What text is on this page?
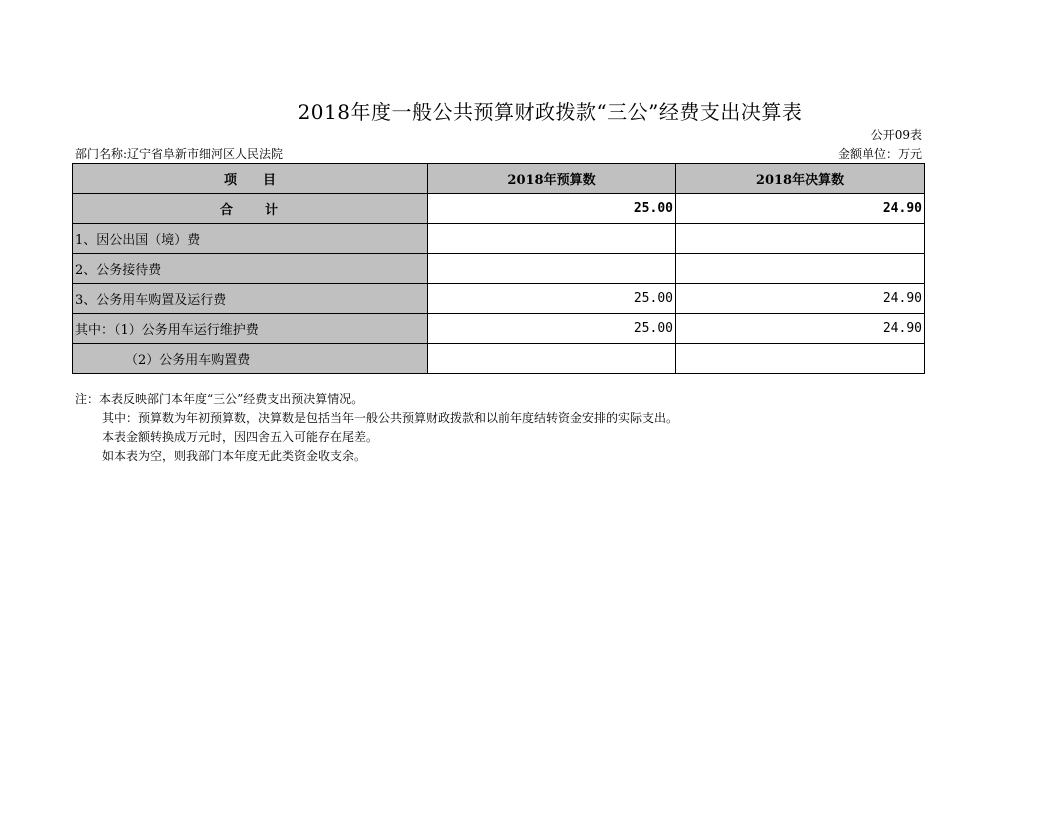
2018年度一般公共预算财政拨款“三公”经费支出决算表
公开09表
部门名称:辽宁省阜新市细河区人民法院	金额单位：万元
项　　目	2018年预算数	2018年决算数
合　　计	25.00	24.90
1、因公出国（境）费		
2、公务接待费		
3、公务用车购置及运行费	25.00	24.90
其中：（1）公务用车运行维护费	25.00	24.90
（2）公务用车购置费		
注：本表反映部门本年度“三公”经费支出预决算情况。
其中：预算数为年初预算数，决算数是包括当年一般公共预算财政拨款和以前年度结转资金安排的实际支出。
本表金额转换成万元时，因四舍五入可能存在尾差。
如本表为空，则我部门本年度无此类资金收支余。
